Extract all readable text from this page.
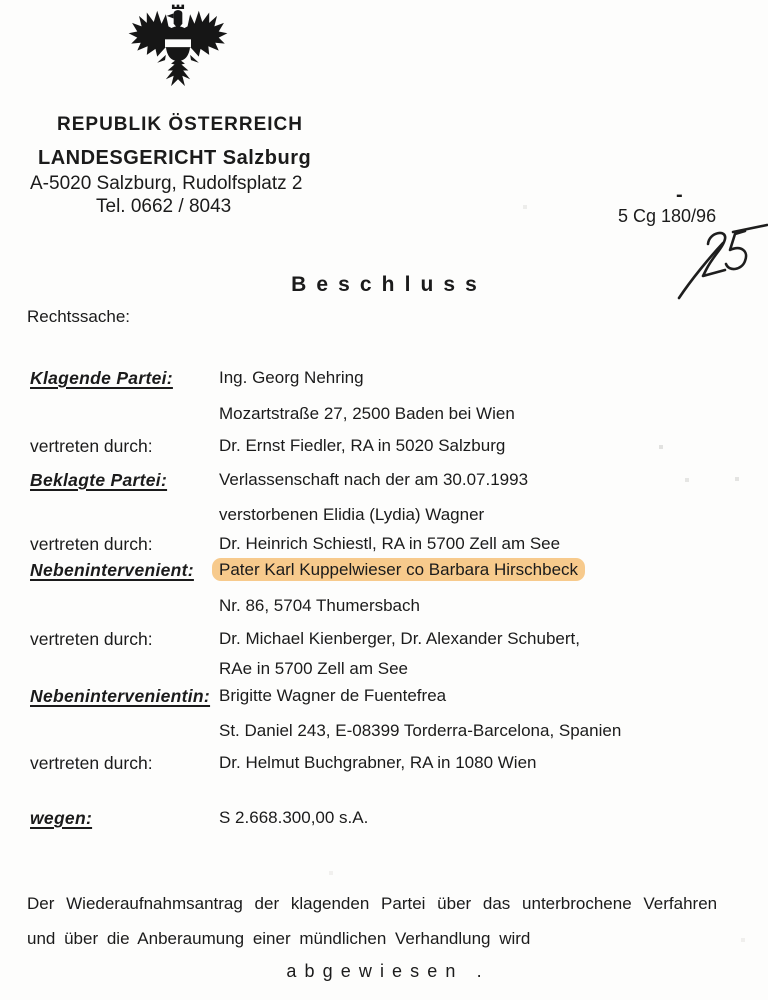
REPUBLIK ÖSTERREICH
LANDESGERICHT Salzburg
A-5020 Salzburg, Rudolfsplatz 2
Tel. 0662 / 8043
-
5 Cg 180/96
Beschluss
Rechtssache:
Klagende Partei:	Ing. Georg Nehring
Mozartstraße 27, 2500 Baden bei Wien
vertreten durch:	Dr. Ernst Fiedler, RA in 5020 Salzburg
Beklagte Partei:	Verlassenschaft nach der am 30.07.1993
verstorbenen Elidia (Lydia) Wagner
vertreten durch:	Dr. Heinrich Schiestl, RA in 5700 Zell am See
Nebenintervenient: Pater Karl Kuppelwieser co Barbara Hirschbeck
Nr. 86, 5704 Thumersbach
vertreten durch:	Dr. Michael Kienberger, Dr. Alexander Schubert,
RAe in 5700 Zell am See
Nebenintervenientin: Brigitte Wagner de Fuentefrea
St. Daniel 243, E-08399 Torderra-Barcelona, Spanien
vertreten durch:	Dr. Helmut Buchgrabner, RA in 1080 Wien
wegen:	S 2.668.300,00 s.A.
Der Wiederaufnahmsantrag der klagenden Partei über das unterbrochene Verfahren
und über die Anberaumung einer mündlichen Verhandlung wird
abgewiesen .
